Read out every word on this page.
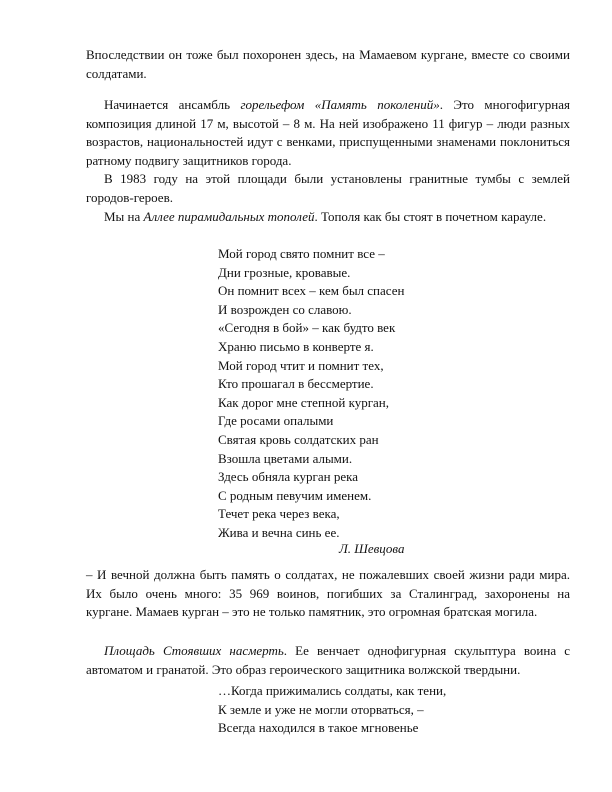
Впоследствии он тоже был похоронен здесь, на Мамаевом кургане, вместе со своими солдатами.

Начинается ансамбль горельефом «Память поколений». Это многофигурная композиция длиной 17 м, высотой – 8 м. На ней изображено 11 фигур – люди разных возрастов, национальностей идут с венками, приспущенными знаменами поклониться ратному подвигу защитников города.

В 1983 году на этой площади были установлены гранитные тумбы с землей городов-героев.

Мы на Аллее пирамидальных тополей. Тополя как бы стоят в почетном карауле.

Мой город свято помнит все –
Дни грозные, кровавые.
Он помнит всех – кем был спасен
И возрожден со славою.
«Сегодня в бой» – как будто век
Храню письмо в конверте я.
Мой город чтит и помнит тех,
Кто прошагал в бессмертие.
Как дорог мне степной курган,
Где росами опалыми
Святая кровь солдатских ран
Взошла цветами алыми.
Здесь обняла курган река
С родным певучим именем.
Течет река через века,
Жива и вечна синь ее.

Л. Шевцова

– И вечной должна быть память о солдатах, не пожалевших своей жизни ради мира. Их было очень много: 35 969 воинов, погибших за Сталинград, захоронены на кургане. Мамаев курган – это не только памятник, это огромная братская могила.

Площадь Стоявших насмерть. Ее венчает однофигурная скульптура воина с автоматом и гранатой. Это образ героического защитника волжской твердыни.

…Когда прижимались солдаты, как тени,
К земле и уже не могли оторваться, –
Всегда находился в такое мгновенье
